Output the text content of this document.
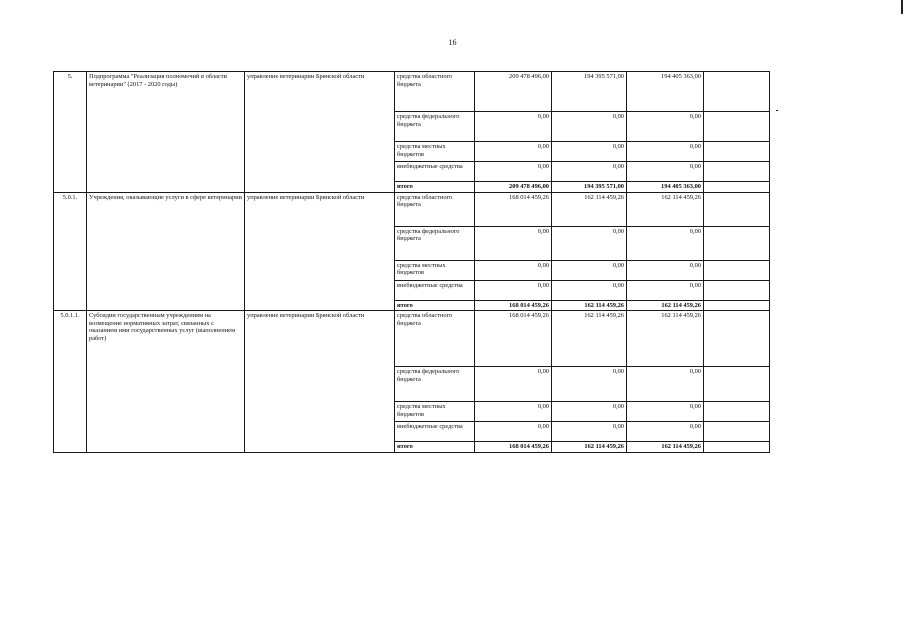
16
5.	Подпрограмма "Реализация полномочий в области ветеринарии" (2017 - 2020 годы)	управление ветеринарии Брянской области	средства областного бюджета	209 478 496,00	194 395 571,00	194 405 363,00	
			средства федерального бюджета	0,00	0,00	0,00	
			средства местных бюджетов	0,00	0,00	0,00	
			внебюджетные средства	0,00	0,00	0,00	
			итого	209 478 496,00	194 395 571,00	194 405 363,00	
5.0.1.	Учреждения, оказывающие услуги в сфере ветеринарии	управление ветеринарии Брянской области	средства областного бюджета	168 014 459,26	162 114 459,26	162 114 459,26	
			средства федерального бюджета	0,00	0,00	0,00	
			средства местных бюджетов	0,00	0,00	0,00	
			внебюджетные средства	0,00	0,00	0,00	
			итого	168 014 459,26	162 114 459,26	162 114 459,26	
5.0.1.1.	Субсидии государственным учреждениям на возмещение нормативных затрат, связанных с оказанием ими государственных услуг (выполнением работ)	управление ветеринарии Брянской области	средства областного бюджета	168 014 459,26	162 114 459,26	162 114 459,26	
			средства федерального бюджета	0,00	0,00	0,00	
			средства местных бюджетов	0,00	0,00	0,00	
			внебюджетные средства	0,00	0,00	0,00	
			итого	168 014 459,26	162 114 459,26	162 114 459,26	
